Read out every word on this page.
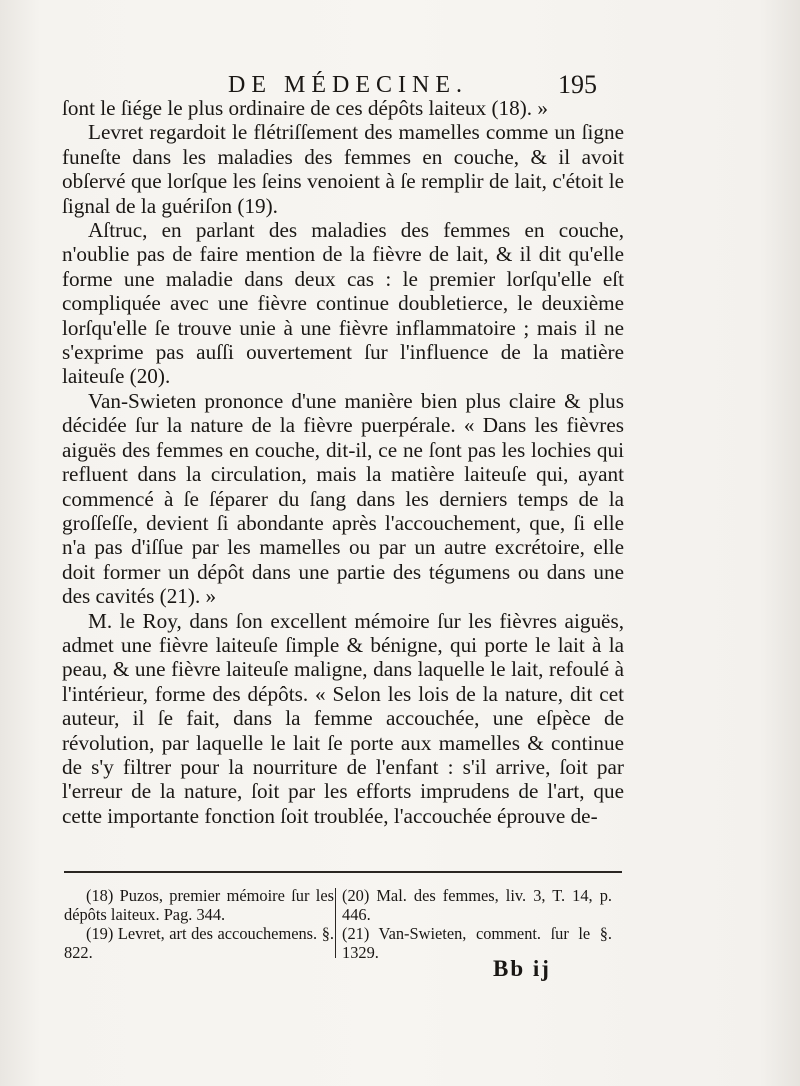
DE MÉDECINE.	195

ſont le ſiége le plus ordinaire de ces dépôts laiteux (18). »

Levret regardoit le flétriſſement des mamelles comme un ſigne funeſte dans les maladies des femmes en couche, & il avoit obſervé que lorſque les ſeins venoient à ſe remplir de lait, c'étoit le ſignal de la guériſon (19).

Aſtruc, en parlant des maladies des femmes en couche, n'oublie pas de faire mention de la fièvre de lait, & il dit qu'elle forme une maladie dans deux cas : le premier lorſqu'elle eſt compliquée avec une fièvre continue doubletierce, le deuxième lorſqu'elle ſe trouve unie à une fièvre inflammatoire ; mais il ne s'exprime pas auſſi ouvertement ſur l'influence de la matière laiteuſe (20).

Van-Swieten prononce d'une manière bien plus claire & plus décidée ſur la nature de la fièvre puerpérale. « Dans les fièvres aiguës des femmes en couche, dit-il, ce ne ſont pas les lochies qui refluent dans la circulation, mais la matière laiteuſe qui, ayant commencé à ſe ſéparer du ſang dans les derniers temps de la groſſeſſe, devient ſi abondante après l'accouchement, que, ſi elle n'a pas d'iſſue par les mamelles ou par un autre excrétoire, elle doit former un dépôt dans une partie des tégumens ou dans une des cavités (21). »

M. le Roy, dans ſon excellent mémoire ſur les fièvres aiguës, admet une fièvre laiteuſe ſimple & bénigne, qui porte le lait à la peau, & une fièvre laiteuſe maligne, dans laquelle le lait, refoulé à l'intérieur, forme des dépôts. « Selon les lois de la nature, dit cet auteur, il ſe fait, dans la femme accouchée, une eſpèce de révolution, par laquelle le lait ſe porte aux mamelles & continue de s'y filtrer pour la nourriture de l'enfant : s'il arrive, ſoit par l'erreur de la nature, ſoit par les efforts imprudens de l'art, que cette importante fonction ſoit troublée, l'accouchée éprouve de-

(18) Puzos, premier mémoire ſur les dépôts laiteux. Pag. 344.

(19) Levret, art des accouchemens. §. 822.

(20) Mal. des femmes, liv. 3, T. 14, p. 446.

(21) Van-Swieten, comment. ſur le §. 1329.

Bb ij
